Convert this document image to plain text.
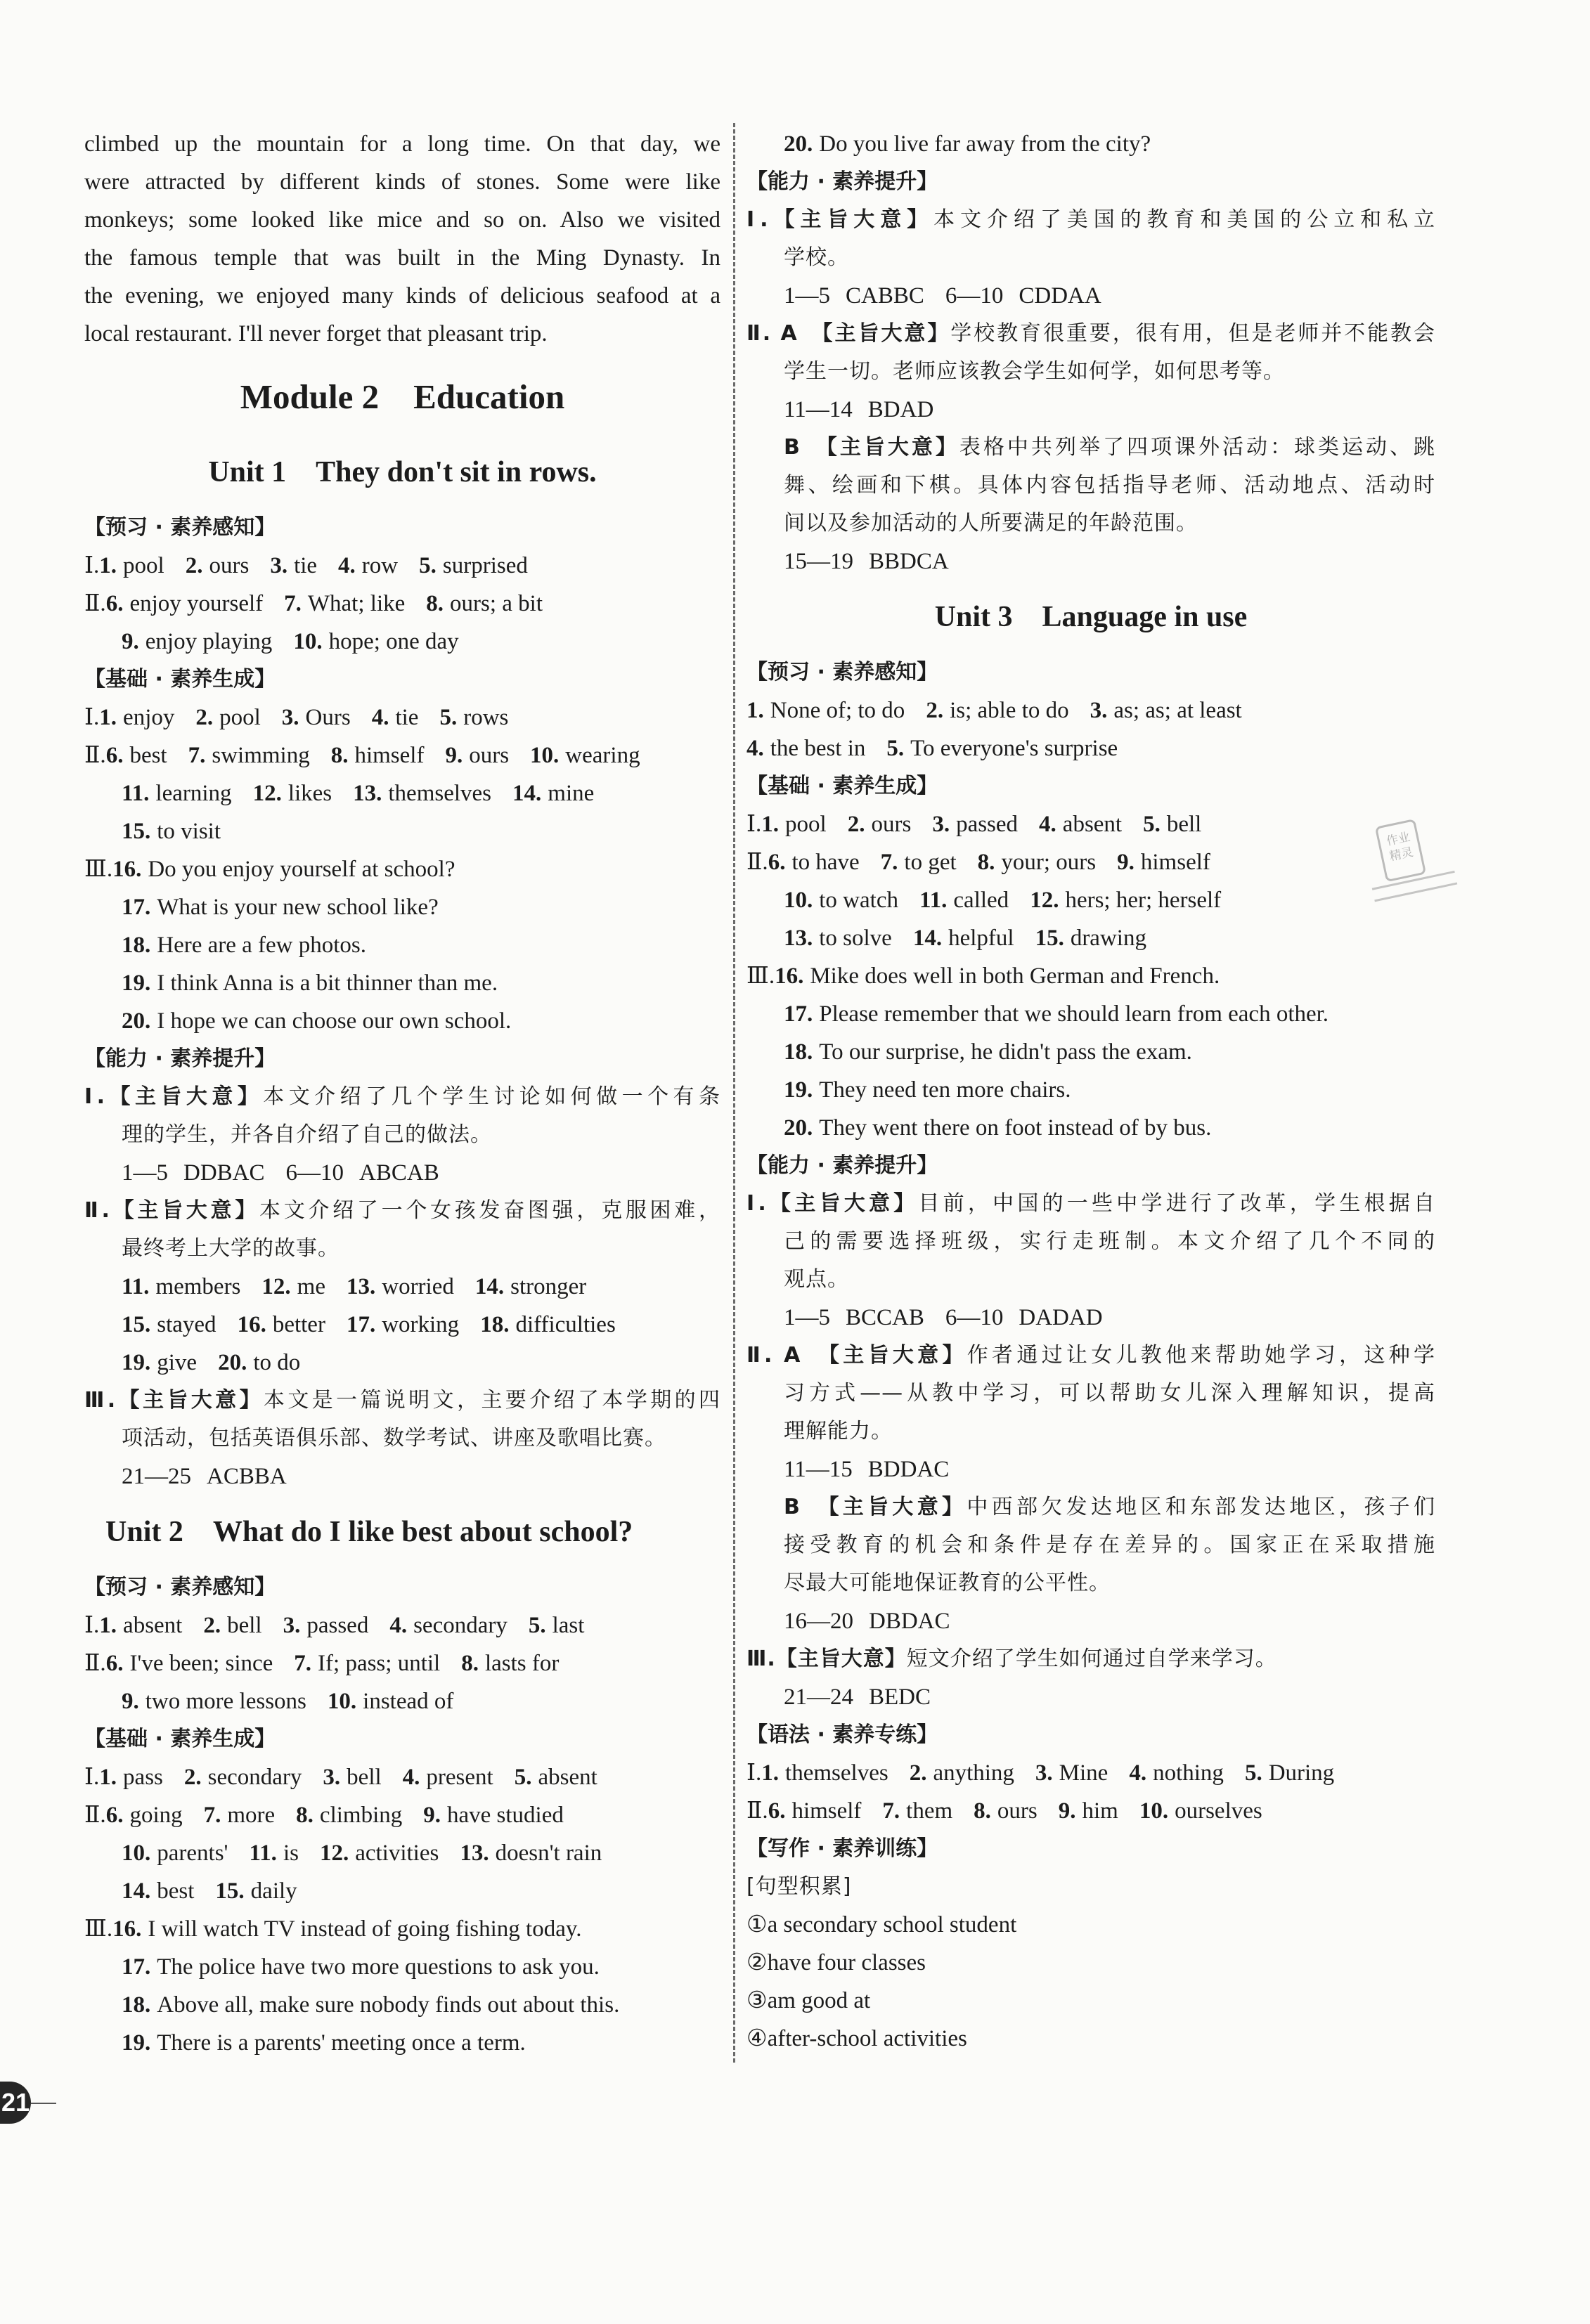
climbed up the mountain for a long time. On that day, we
were attracted by different kinds of stones. Some were like
monkeys; some looked like mice and so on. Also we visited
the famous temple that was built in the Ming Dynasty. In
the evening, we enjoyed many kinds of delicious seafood at a
local restaurant. I'll never forget that pleasant trip.
Module 2　Education
Unit 1　They don't sit in rows.
【预习 · 素养感知】
Ⅰ.1. pool 2. ours 3. tie 4. row 5. surprised
Ⅱ.6. enjoy yourself 7. What; like 8. ours; a bit
9. enjoy playing 10. hope; one day
【基础 · 素养生成】
Ⅰ.1. enjoy 2. pool 3. Ours 4. tie 5. rows
Ⅱ.6. best 7. swimming 8. himself 9. ours 10. wearing
11. learning 12. likes 13. themselves 14. mine
15. to visit
Ⅲ.16. Do you enjoy yourself at school?
17. What is your new school like?
18. Here are a few photos.
19. I think Anna is a bit thinner than me.
20. I hope we can choose our own school.
【能力 · 素养提升】
Ⅰ.【主旨大意】本文介绍了几个学生讨论如何做一个有条
理的学生，并各自介绍了自己的做法。
1—5 DDBAC 6—10 ABCAB
Ⅱ.【主旨大意】本文介绍了一个女孩发奋图强，克服困难，
最终考上大学的故事。
11. members 12. me 13. worried 14. stronger
15. stayed 16. better 17. working 18. difficulties
19. give 20. to do
Ⅲ.【主旨大意】本文是一篇说明文，主要介绍了本学期的四
项活动，包括英语俱乐部、数学考试、讲座及歌唱比赛。
21—25 ACBBA
Unit 2　What do I like best about school?
【预习 · 素养感知】
Ⅰ.1. absent 2. bell 3. passed 4. secondary 5. last
Ⅱ.6. I've been; since 7. If; pass; until 8. lasts for
9. two more lessons 10. instead of
【基础 · 素养生成】
Ⅰ.1. pass 2. secondary 3. bell 4. present 5. absent
Ⅱ.6. going 7. more 8. climbing 9. have studied
10. parents' 11. is 12. activities 13. doesn't rain
14. best 15. daily
Ⅲ.16. I will watch TV instead of going fishing today.
17. The police have two more questions to ask you.
18. Above all, make sure nobody finds out about this.
19. There is a parents' meeting once a term.
20. Do you live far away from the city?
【能力 · 素养提升】
Ⅰ.【主旨大意】本文介绍了美国的教育和美国的公立和私立
学校。
1—5 CABBC 6—10 CDDAA
Ⅱ. A　【主旨大意】学校教育很重要，很有用，但是老师并不能教会
学生一切。老师应该教会学生如何学，如何思考等。
11—14 BDAD
B　【主旨大意】表格中共列举了四项课外活动：球类运动、跳
舞、绘画和下棋。具体内容包括指导老师、活动地点、活动时
间以及参加活动的人所要满足的年龄范围。
15—19 BBDCA
Unit 3　Language in use
【预习 · 素养感知】
1. None of; to do 2. is; able to do 3. as; as; at least
4. the best in 5. To everyone's surprise
【基础 · 素养生成】
Ⅰ.1. pool 2. ours 3. passed 4. absent 5. bell
Ⅱ.6. to have 7. to get 8. your; ours 9. himself
10. to watch 11. called 12. hers; her; herself
13. to solve 14. helpful 15. drawing
Ⅲ.16. Mike does well in both German and French.
17. Please remember that we should learn from each other.
18. To our surprise, he didn't pass the exam.
19. They need ten more chairs.
20. They went there on foot instead of by bus.
【能力 · 素养提升】
Ⅰ.【主旨大意】目前，中国的一些中学进行了改革，学生根据自
己的需要选择班级，实行走班制。本文介绍了几个不同的
观点。
1—5 BCCAB 6—10 DADAD
Ⅱ. A　【主旨大意】作者通过让女儿教他来帮助她学习，这种学
习方式——从教中学习，可以帮助女儿深入理解知识，提高
理解能力。
11—15 BDDAC
B　【主旨大意】中西部欠发达地区和东部发达地区，孩子们
接受教育的机会和条件是存在差异的。国家正在采取措施
尽最大可能地保证教育的公平性。
16—20 DBDAC
Ⅲ.【主旨大意】短文介绍了学生如何通过自学来学习。
21—24 BEDC
【语法 · 素养专练】
Ⅰ.1. themselves 2. anything 3. Mine 4. nothing 5. During
Ⅱ.6. himself 7. them 8. ours 9. him 10. ourselves
【写作 · 素养训练】
[句型积累]
①a secondary school student
②have four classes
③am good at
④after-school activities
作业
精灵
21
